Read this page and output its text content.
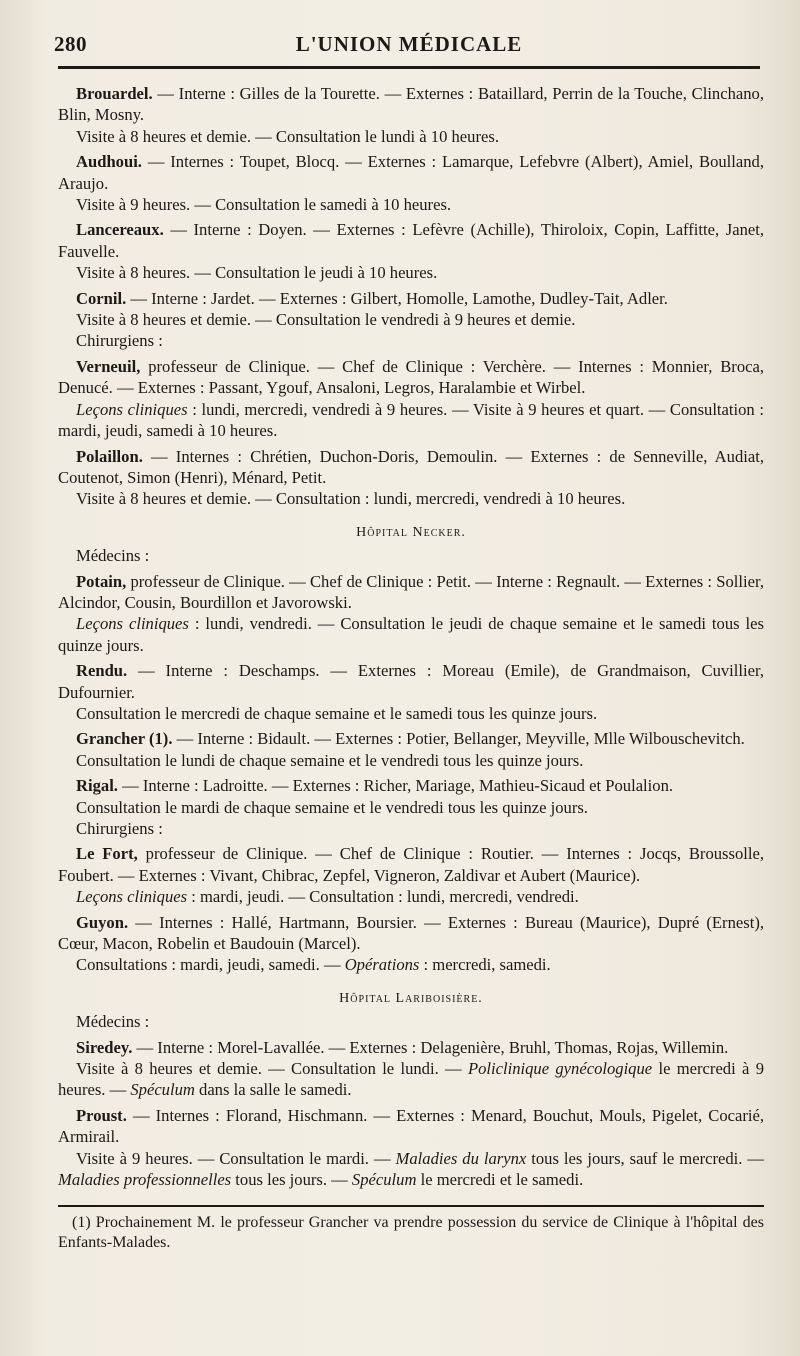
280	L'UNION MÉDICALE

Brouardel. — Interne : Gilles de la Tourette. — Externes : Bataillard, Perrin de la Touche, Clinchano, Blin, Mosny.

Visite à 8 heures et demie. — Consultation le lundi à 10 heures.

Audhoui. — Internes : Toupet, Blocq. — Externes : Lamarque, Lefebvre (Albert), Amiel, Boulland, Araujo.

Visite à 9 heures. — Consultation le samedi à 10 heures.

Lancereaux. — Interne : Doyen. — Externes : Lefèvre (Achille), Thiroloix, Copin, Laffitte, Janet, Fauvelle.

Visite à 8 heures. — Consultation le jeudi à 10 heures.

Cornil. — Interne : Jardet. — Externes : Gilbert, Homolle, Lamothe, Dudley-Tait, Adler.

Visite à 8 heures et demie. — Consultation le vendredi à 9 heures et demie.

Chirurgiens :

Verneuil, professeur de Clinique. — Chef de Clinique : Verchère. — Internes : Monnier, Broca, Denucé. — Externes : Passant, Ygouf, Ansaloni, Legros, Haralambie et Wirbel.

Leçons cliniques : lundi, mercredi, vendredi à 9 heures. — Visite à 9 heures et quart. — Consultation : mardi, jeudi, samedi à 10 heures.

Polaillon. — Internes : Chrétien, Duchon-Doris, Demoulin. — Externes : de Senneville, Audiat, Coutenot, Simon (Henri), Ménard, Petit.

Visite à 8 heures et demie. — Consultation : lundi, mercredi, vendredi à 10 heures.

Hôpital Necker.

Médecins :

Potain, professeur de Clinique. — Chef de Clinique : Petit. — Interne : Regnault. — Externes : Sollier, Alcindor, Cousin, Bourdillon et Javorowski.

Leçons cliniques : lundi, vendredi. — Consultation le jeudi de chaque semaine et le samedi tous les quinze jours.

Rendu. — Interne : Deschamps. — Externes : Moreau (Emile), de Grandmaison, Cuvillier, Dufournier.

Consultation le mercredi de chaque semaine et le samedi tous les quinze jours.

Grancher (1). — Interne : Bidault. — Externes : Potier, Bellanger, Meyville, Mlle Wilbouschevitch.

Consultation le lundi de chaque semaine et le vendredi tous les quinze jours.

Rigal. — Interne : Ladroitte. — Externes : Richer, Mariage, Mathieu-Sicaud et Poulalion.

Consultation le mardi de chaque semaine et le vendredi tous les quinze jours.

Chirurgiens :

Le Fort, professeur de Clinique. — Chef de Clinique : Routier. — Internes : Jocqs, Broussolle, Foubert. — Externes : Vivant, Chibrac, Zepfel, Vigneron, Zaldivar et Aubert (Maurice).

Leçons cliniques : mardi, jeudi. — Consultation : lundi, mercredi, vendredi.

Guyon. — Internes : Hallé, Hartmann, Boursier. — Externes : Bureau (Maurice), Dupré (Ernest), Cœur, Macon, Robelin et Baudouin (Marcel).

Consultations : mardi, jeudi, samedi. — Opérations : mercredi, samedi.

Hôpital Lariboisière.

Médecins :

Siredey. — Interne : Morel-Lavallée. — Externes : Delagenière, Bruhl, Thomas, Rojas, Willemin.

Visite à 8 heures et demie. — Consultation le lundi. — Policlinique gynécologique le mercredi à 9 heures. — Spéculum dans la salle le samedi.

Proust. — Internes : Florand, Hischmann. — Externes : Menard, Bouchut, Mouls, Pigelet, Cocarié, Armirail.

Visite à 9 heures. — Consultation le mardi. — Maladies du larynx tous les jours, sauf le mercredi. — Maladies professionnelles tous les jours. — Spéculum le mercredi et le samedi.

(1) Prochainement M. le professeur Grancher va prendre possession du service de Clinique à l'hôpital des Enfants-Malades.
